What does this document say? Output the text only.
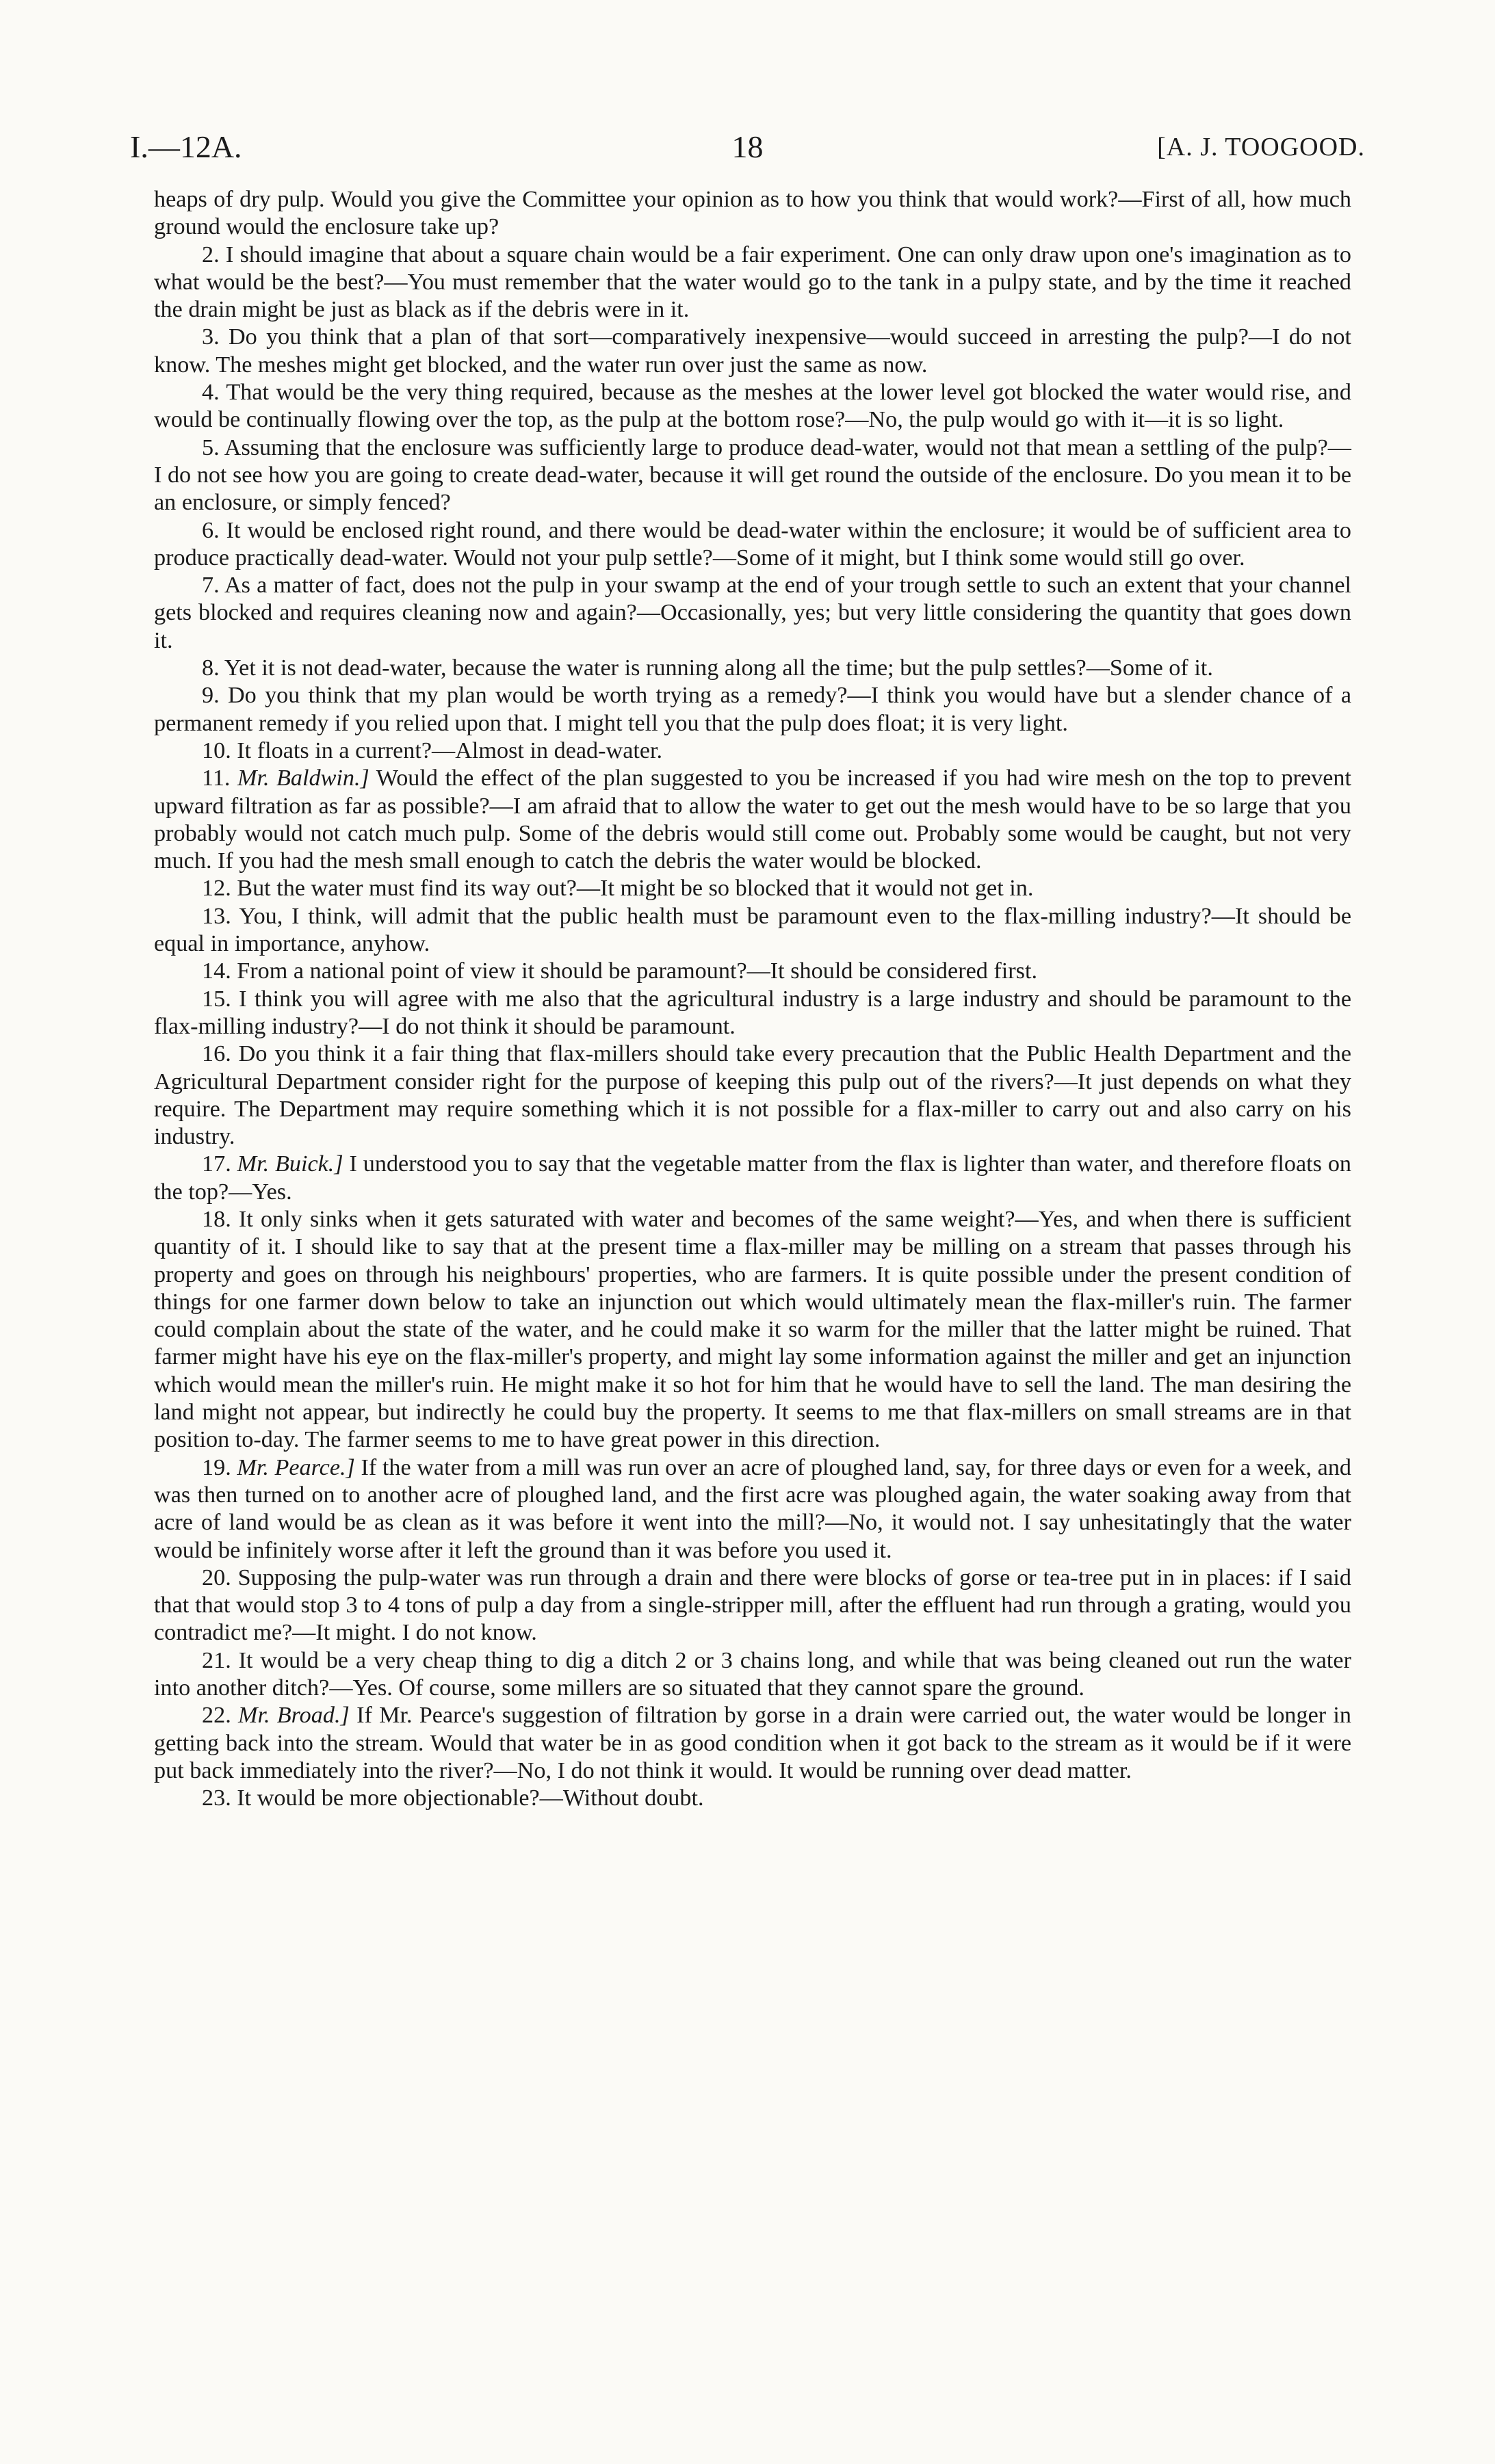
I.—12A.	18	[A. J. TOOGOOD.

heaps of dry pulp. Would you give the Committee your opinion as to how you think that would work?—First of all, how much ground would the enclosure take up?

2. I should imagine that about a square chain would be a fair experiment. One can only draw upon one's imagination as to what would be the best?—You must remember that the water would go to the tank in a pulpy state, and by the time it reached the drain might be just as black as if the debris were in it.

3. Do you think that a plan of that sort—comparatively inexpensive—would succeed in arresting the pulp?—I do not know. The meshes might get blocked, and the water run over just the same as now.

4. That would be the very thing required, because as the meshes at the lower level got blocked the water would rise, and would be continually flowing over the top, as the pulp at the bottom rose?—No, the pulp would go with it—it is so light.

5. Assuming that the enclosure was sufficiently large to produce dead-water, would not that mean a settling of the pulp?—I do not see how you are going to create dead-water, because it will get round the outside of the enclosure. Do you mean it to be an enclosure, or simply fenced?

6. It would be enclosed right round, and there would be dead-water within the enclosure; it would be of sufficient area to produce practically dead-water. Would not your pulp settle?—Some of it might, but I think some would still go over.

7. As a matter of fact, does not the pulp in your swamp at the end of your trough settle to such an extent that your channel gets blocked and requires cleaning now and again?—Occasionally, yes; but very little considering the quantity that goes down it.

8. Yet it is not dead-water, because the water is running along all the time; but the pulp settles?—Some of it.

9. Do you think that my plan would be worth trying as a remedy?—I think you would have but a slender chance of a permanent remedy if you relied upon that. I might tell you that the pulp does float; it is very light.

10. It floats in a current?—Almost in dead-water.

11. Mr. Baldwin.] Would the effect of the plan suggested to you be increased if you had wire mesh on the top to prevent upward filtration as far as possible?—I am afraid that to allow the water to get out the mesh would have to be so large that you probably would not catch much pulp. Some of the debris would still come out. Probably some would be caught, but not very much. If you had the mesh small enough to catch the debris the water would be blocked.

12. But the water must find its way out?—It might be so blocked that it would not get in.

13. You, I think, will admit that the public health must be paramount even to the flax-milling industry?—It should be equal in importance, anyhow.

14. From a national point of view it should be paramount?—It should be considered first.

15. I think you will agree with me also that the agricultural industry is a large industry and should be paramount to the flax-milling industry?—I do not think it should be paramount.

16. Do you think it a fair thing that flax-millers should take every precaution that the Public Health Department and the Agricultural Department consider right for the purpose of keeping this pulp out of the rivers?—It just depends on what they require. The Department may require something which it is not possible for a flax-miller to carry out and also carry on his industry.

17. Mr. Buick.] I understood you to say that the vegetable matter from the flax is lighter than water, and therefore floats on the top?—Yes.

18. It only sinks when it gets saturated with water and becomes of the same weight?—Yes, and when there is sufficient quantity of it. I should like to say that at the present time a flax-miller may be milling on a stream that passes through his property and goes on through his neighbours' properties, who are farmers. It is quite possible under the present condition of things for one farmer down below to take an injunction out which would ultimately mean the flax-miller's ruin. The farmer could complain about the state of the water, and he could make it so warm for the miller that the latter might be ruined. That farmer might have his eye on the flax-miller's property, and might lay some information against the miller and get an injunction which would mean the miller's ruin. He might make it so hot for him that he would have to sell the land. The man desiring the land might not appear, but indirectly he could buy the property. It seems to me that flax-millers on small streams are in that position to-day. The farmer seems to me to have great power in this direction.

19. Mr. Pearce.] If the water from a mill was run over an acre of ploughed land, say, for three days or even for a week, and was then turned on to another acre of ploughed land, and the first acre was ploughed again, the water soaking away from that acre of land would be as clean as it was before it went into the mill?—No, it would not. I say unhesitatingly that the water would be infinitely worse after it left the ground than it was before you used it.

20. Supposing the pulp-water was run through a drain and there were blocks of gorse or tea-tree put in in places: if I said that that would stop 3 to 4 tons of pulp a day from a single-stripper mill, after the effluent had run through a grating, would you contradict me?—It might. I do not know.

21. It would be a very cheap thing to dig a ditch 2 or 3 chains long, and while that was being cleaned out run the water into another ditch?—Yes. Of course, some millers are so situated that they cannot spare the ground.

22. Mr. Broad.] If Mr. Pearce's suggestion of filtration by gorse in a drain were carried out, the water would be longer in getting back into the stream. Would that water be in as good condition when it got back to the stream as it would be if it were put back immediately into the river?—No, I do not think it would. It would be running over dead matter.

23. It would be more objectionable?—Without doubt.
